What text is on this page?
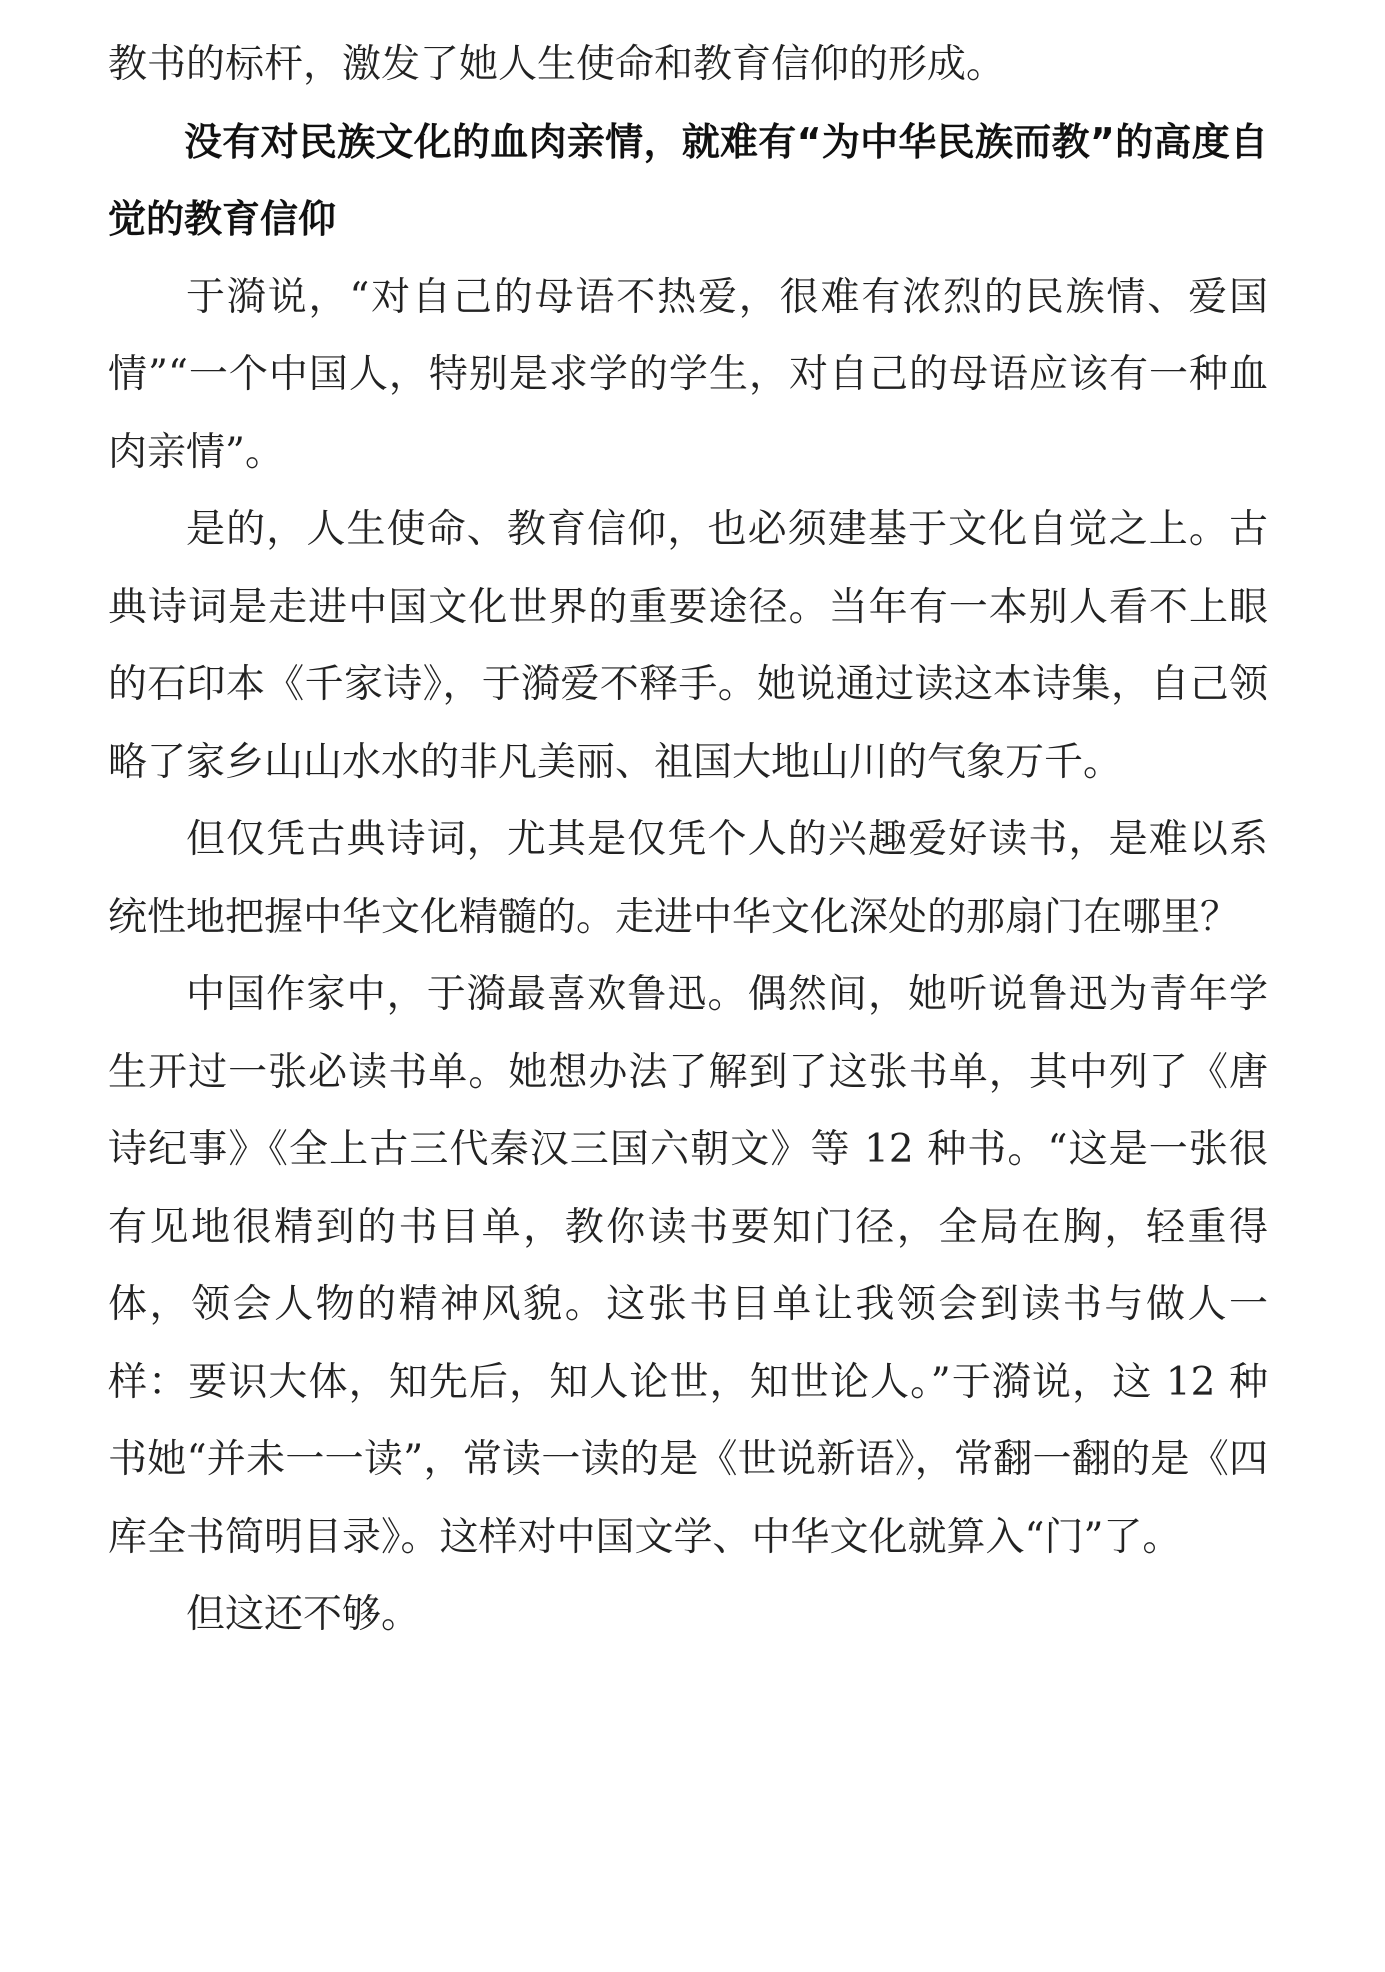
教书的标杆，激发了她人生使命和教育信仰的形成。

没有对民族文化的血肉亲情，就难有“为中华民族而教”的高度自觉的教育信仰

于漪说，“对自己的母语不热爱，很难有浓烈的民族情、爱国情”“一个中国人，特别是求学的学生，对自己的母语应该有一种血肉亲情”。

是的，人生使命、教育信仰，也必须建基于文化自觉之上。古典诗词是走进中国文化世界的重要途径。当年有一本别人看不上眼的石印本《千家诗》，于漪爱不释手。她说通过读这本诗集，自己领略了家乡山山水水的非凡美丽、祖国大地山川的气象万千。

但仅凭古典诗词，尤其是仅凭个人的兴趣爱好读书，是难以系统性地把握中华文化精髓的。走进中华文化深处的那扇门在哪里？

中国作家中，于漪最喜欢鲁迅。偶然间，她听说鲁迅为青年学生开过一张必读书单。她想办法了解到了这张书单，其中列了《唐诗纪事》《全上古三代秦汉三国六朝文》等 12 种书。“这是一张很有见地很精到的书目单，教你读书要知门径，全局在胸，轻重得体，领会人物的精神风貌。这张书目单让我领会到读书与做人一样：要识大体，知先后，知人论世，知世论人。”于漪说，这 12 种书她“并未一一读”，常读一读的是《世说新语》，常翻一翻的是《四库全书简明目录》。这样对中国文学、中华文化就算入“门”了。

但这还不够。
